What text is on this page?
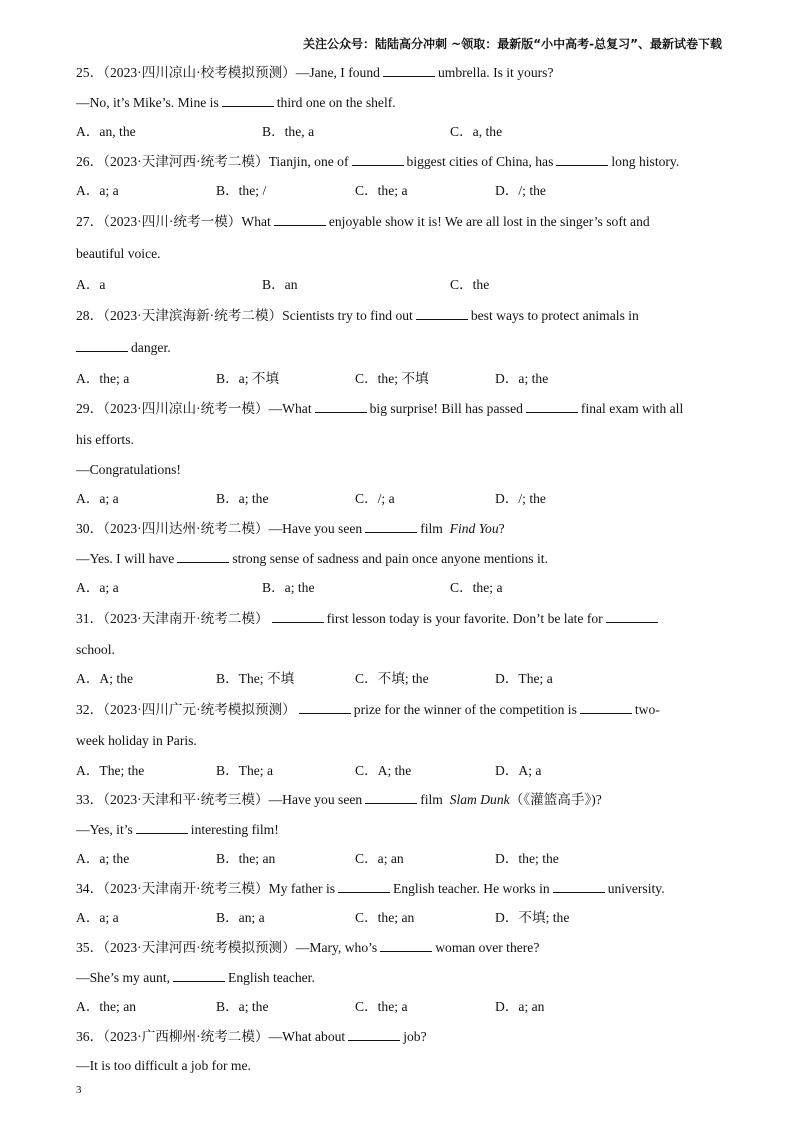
关注公众号：陆陆高分冲刺 ~领取：最新版“小中高考-总复习”、最新试卷下载
25．（2023·四川凉山·校考模拟预测）—Jane, I found	umbrella. Is it yours?
—No, it’s Mike’s. Mine is	third one on the shelf.
A．an, the	B．the, a	C．a, the
26．（2023·天津河西·统考二模）Tianjin, one of	biggest cities of China, has	long history.
A．a; a	B．the; /	C．the; a	D．/; the
27．（2023·四川·统考一模）What	enjoyable show it is! We are all lost in the singer’s soft and
beautiful voice.
A．a	B．an	C．the
28．（2023·天津滨海新·统考二模）Scientists try to find out	best ways to protect animals in
danger.
A．the; a	B．a; 不填	C．the; 不填	D．a; the
29．（2023·四川凉山·统考一模）—What	big surprise! Bill has passed	final exam with all
his efforts.
—Congratulations!
A．a; a	B．a; the	C．/; a	D．/; the
30．（2023·四川达州·统考二模）—Have you seen	film Find You?
—Yes. I will have	strong sense of sadness and pain once anyone mentions it.
A．a; a	B．a; the	C．the; a
31．（2023·天津南开·统考二模）	first lesson today is your favorite. Don’t be late for
school.
A．A; the	B．The; 不填	C．不填; the	D．The; a
32．（2023·四川广元·统考模拟预测）	prize for the winner of the competition is	two-
week holiday in Paris.
A．The; the	B．The; a	C．A; the	D．A; a
33．（2023·天津和平·统考三模）—Have you seen	film Slam Dunk（《灌篮高手》)?
—Yes, it’s	interesting film!
A．a; the	B．the; an	C．a; an	D．the; the
34．（2023·天津南开·统考三模）My father is	English teacher. He works in	university.
A．a; a	B．an; a	C．the; an	D．不填; the
35．（2023·天津河西·统考模拟预测）—Mary, who’s	woman over there?
—She’s my aunt,	English teacher.
A．the; an	B．a; the	C．the; a	D．a; an
36．（2023·广西柳州·统考二模）—What about	job?
—It is too difficult a job for me.
3
